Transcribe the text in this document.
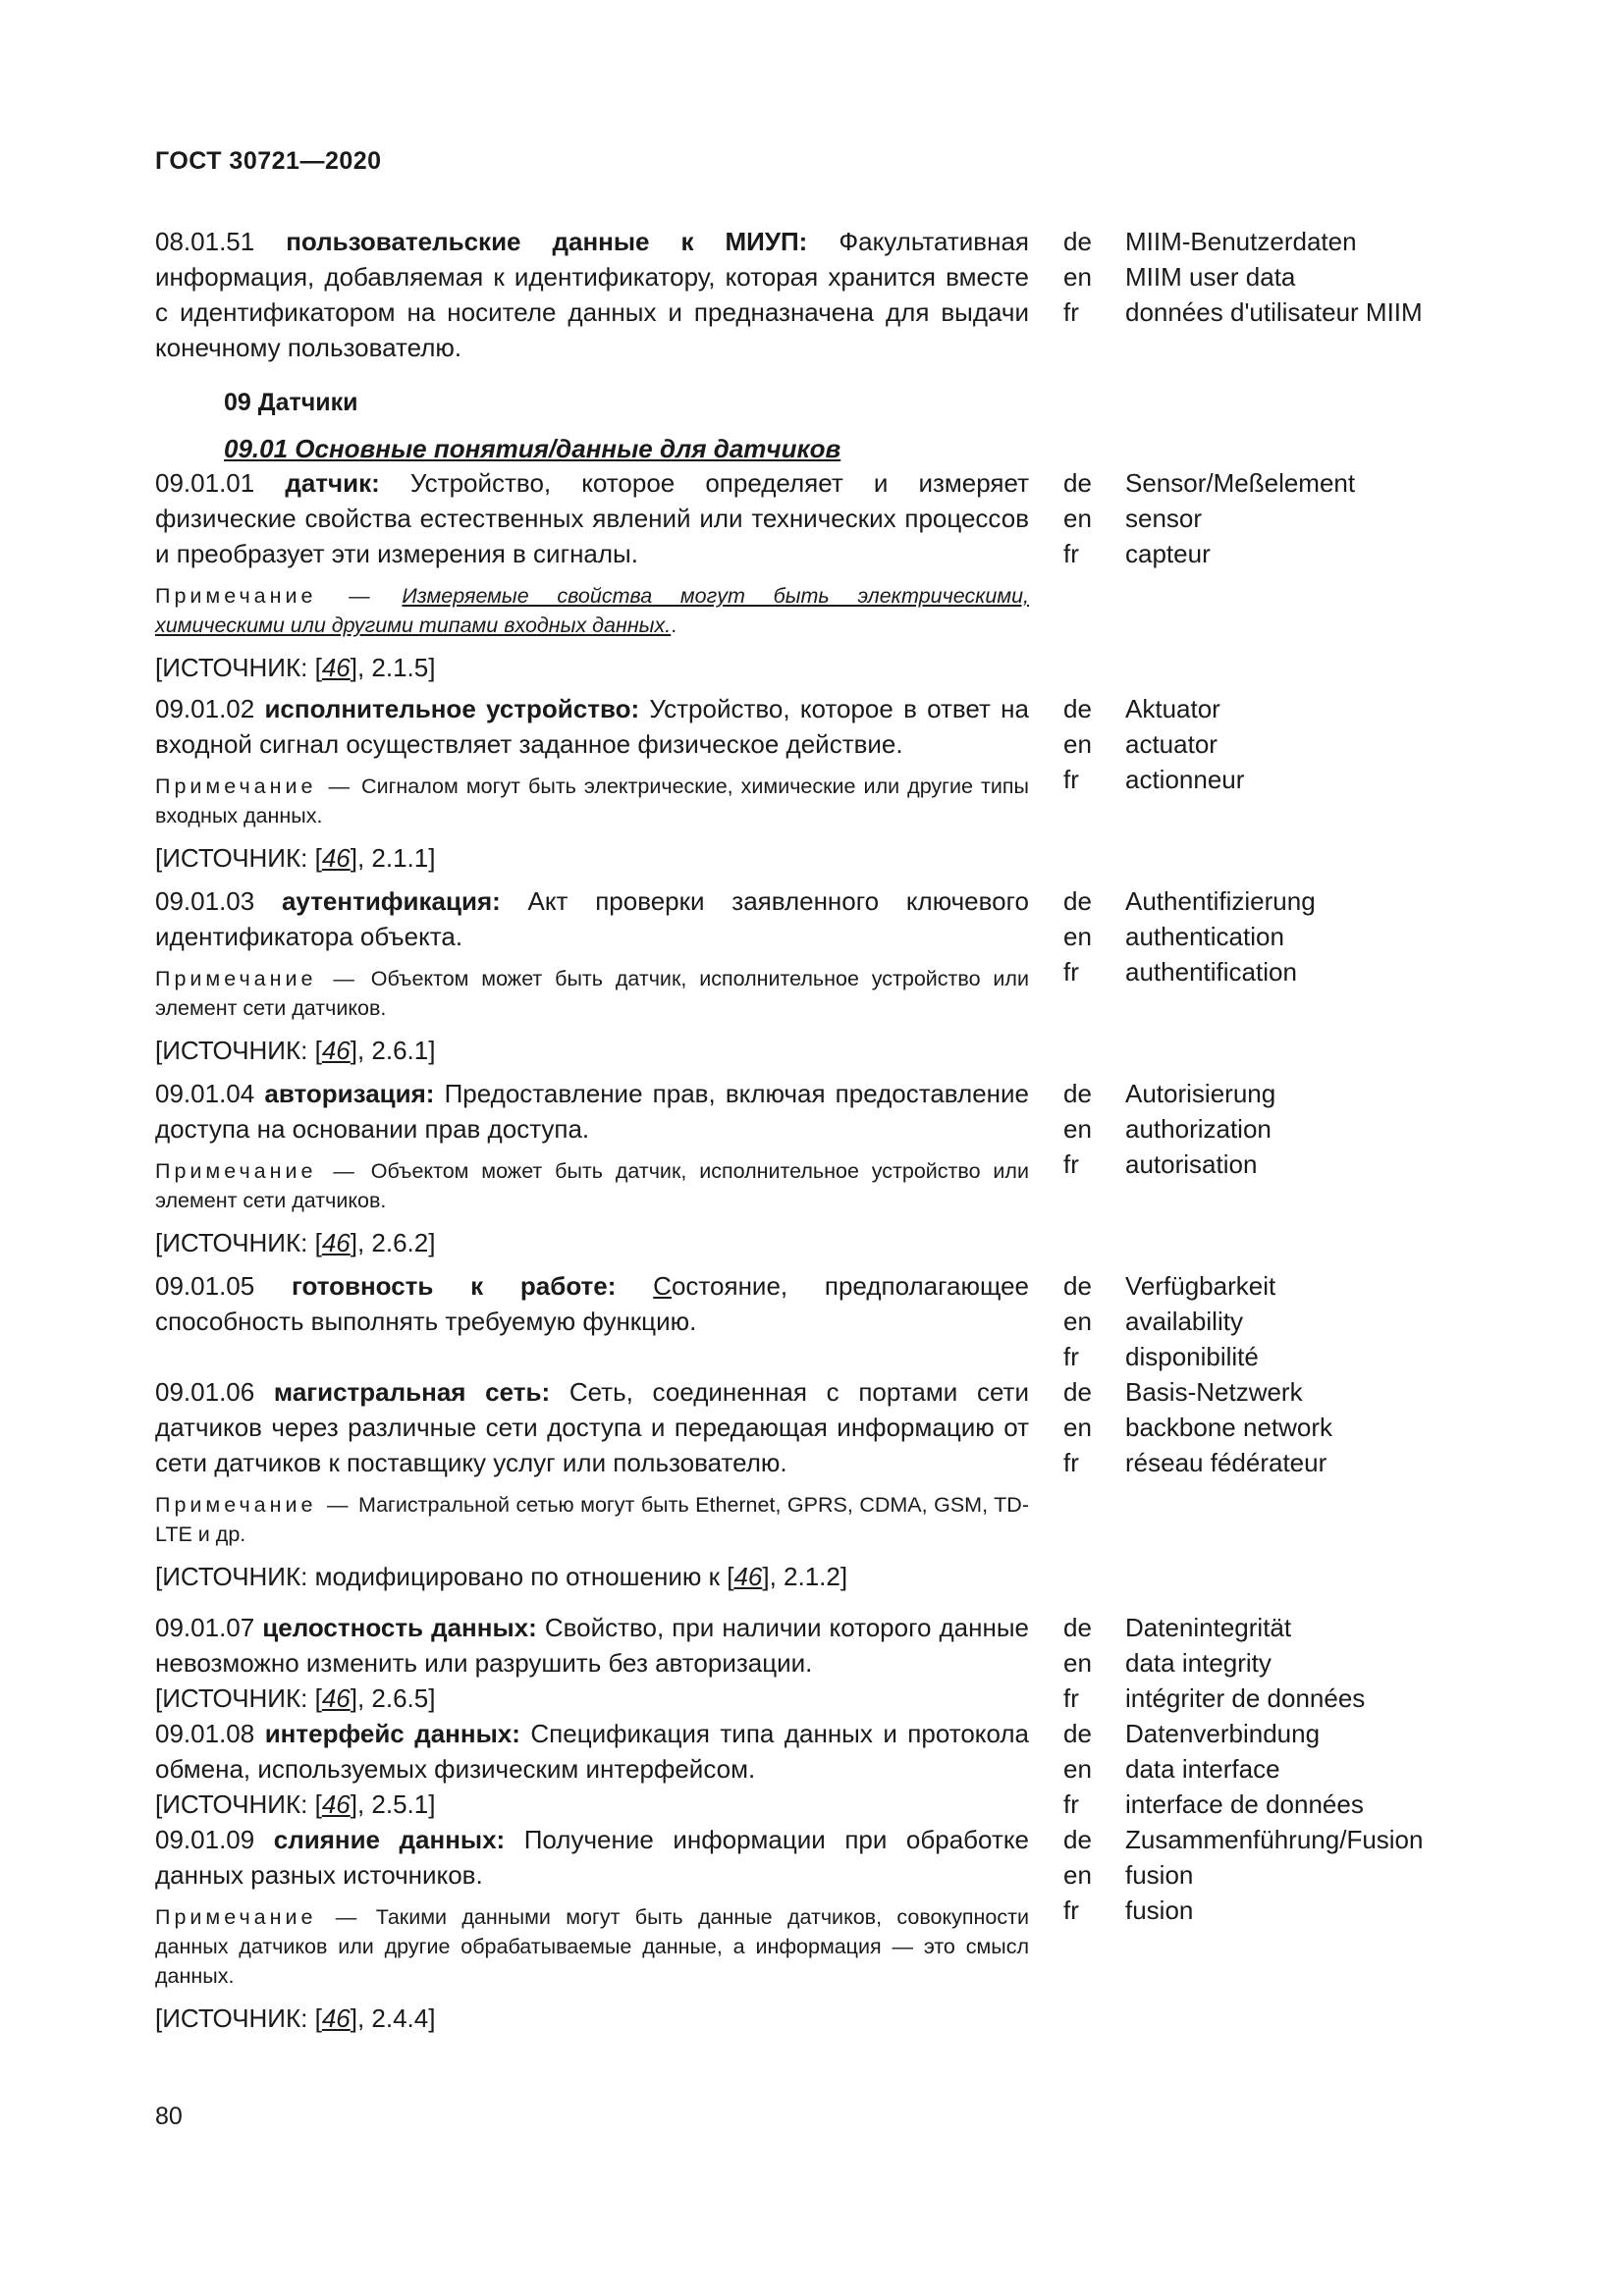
ГОСТ 30721—2020
08.01.51 пользовательские данные к МИУП: Факультативная информация, добавляемая к идентификатору, которая хранится вместе с идентификатором на носителе данных и предназначена для выдачи конечному пользователю.
de	MIIM-Benutzerdaten
en	MIIM user data
fr	données d'utilisateur MIIM
09 Датчики
09.01 Основные понятия/данные для датчиков
09.01.01 датчик: Устройство, которое определяет и измеряет физические свойства естественных явлений или технических процессов и преобразует эти измерения в сигналы.
Примечание — Измеряемые свойства могут быть электрическими, химическими или другими типами входных данных..
[ИСТОЧНИК: [46], 2.1.5]
de	Sensor/Meßelement
en	sensor
fr	capteur
09.01.02 исполнительное устройство: Устройство, которое в ответ на входной сигнал осуществляет заданное физическое действие.
Примечание — Сигналом могут быть электрические, химические или другие типы входных данных.
[ИСТОЧНИК: [46], 2.1.1]
de	Aktuator
en	actuator
fr	actionneur
09.01.03 аутентификация: Акт проверки заявленного ключевого идентификатора объекта.
Примечание — Объектом может быть датчик, исполнительное устройство или элемент сети датчиков.
[ИСТОЧНИК: [46], 2.6.1]
de	Authentifizierung
en	authentication
fr	authentification
09.01.04 авторизация: Предоставление прав, включая предоставление доступа на основании прав доступа.
Примечание — Объектом может быть датчик, исполнительное устройство или элемент сети датчиков.
[ИСТОЧНИК: [46], 2.6.2]
de	Autorisierung
en	authorization
fr	autorisation
09.01.05 готовность к работе: Состояние, предполагающее способность выполнять требуемую функцию.
de	Verfügbarkeit
en	availability
fr	disponibilité
09.01.06 магистральная сеть: Сеть, соединенная с портами сети датчиков через различные сети доступа и передающая информацию от сети датчиков к поставщику услуг или пользователю.
Примечание — Магистральной сетью могут быть Ethernet, GPRS, CDMA, GSM, TD-LTE и др.
[ИСТОЧНИК: модифицировано по отношению к [46], 2.1.2]
de	Basis-Netzwerk
en	backbone network
fr	réseau fédérateur
09.01.07 целостность данных: Свойство, при наличии которого данные невозможно изменить или разрушить без авторизации.
[ИСТОЧНИК: [46], 2.6.5]
de	Datenintegrität
en	data integrity
fr	intégriter de données
09.01.08 интерфейс данных: Спецификация типа данных и протокола обмена, используемых физическим интерфейсом.
[ИСТОЧНИК: [46], 2.5.1]
de	Datenverbindung
en	data interface
fr	interface de données
09.01.09 слияние данных: Получение информации при обработке данных разных источников.
Примечание — Такими данными могут быть данные датчиков, совокупности данных датчиков или другие обрабатываемые данные, а информация — это смысл данных.
[ИСТОЧНИК: [46], 2.4.4]
de	Zusammenführung/Fusion
en	fusion
fr	fusion
80
